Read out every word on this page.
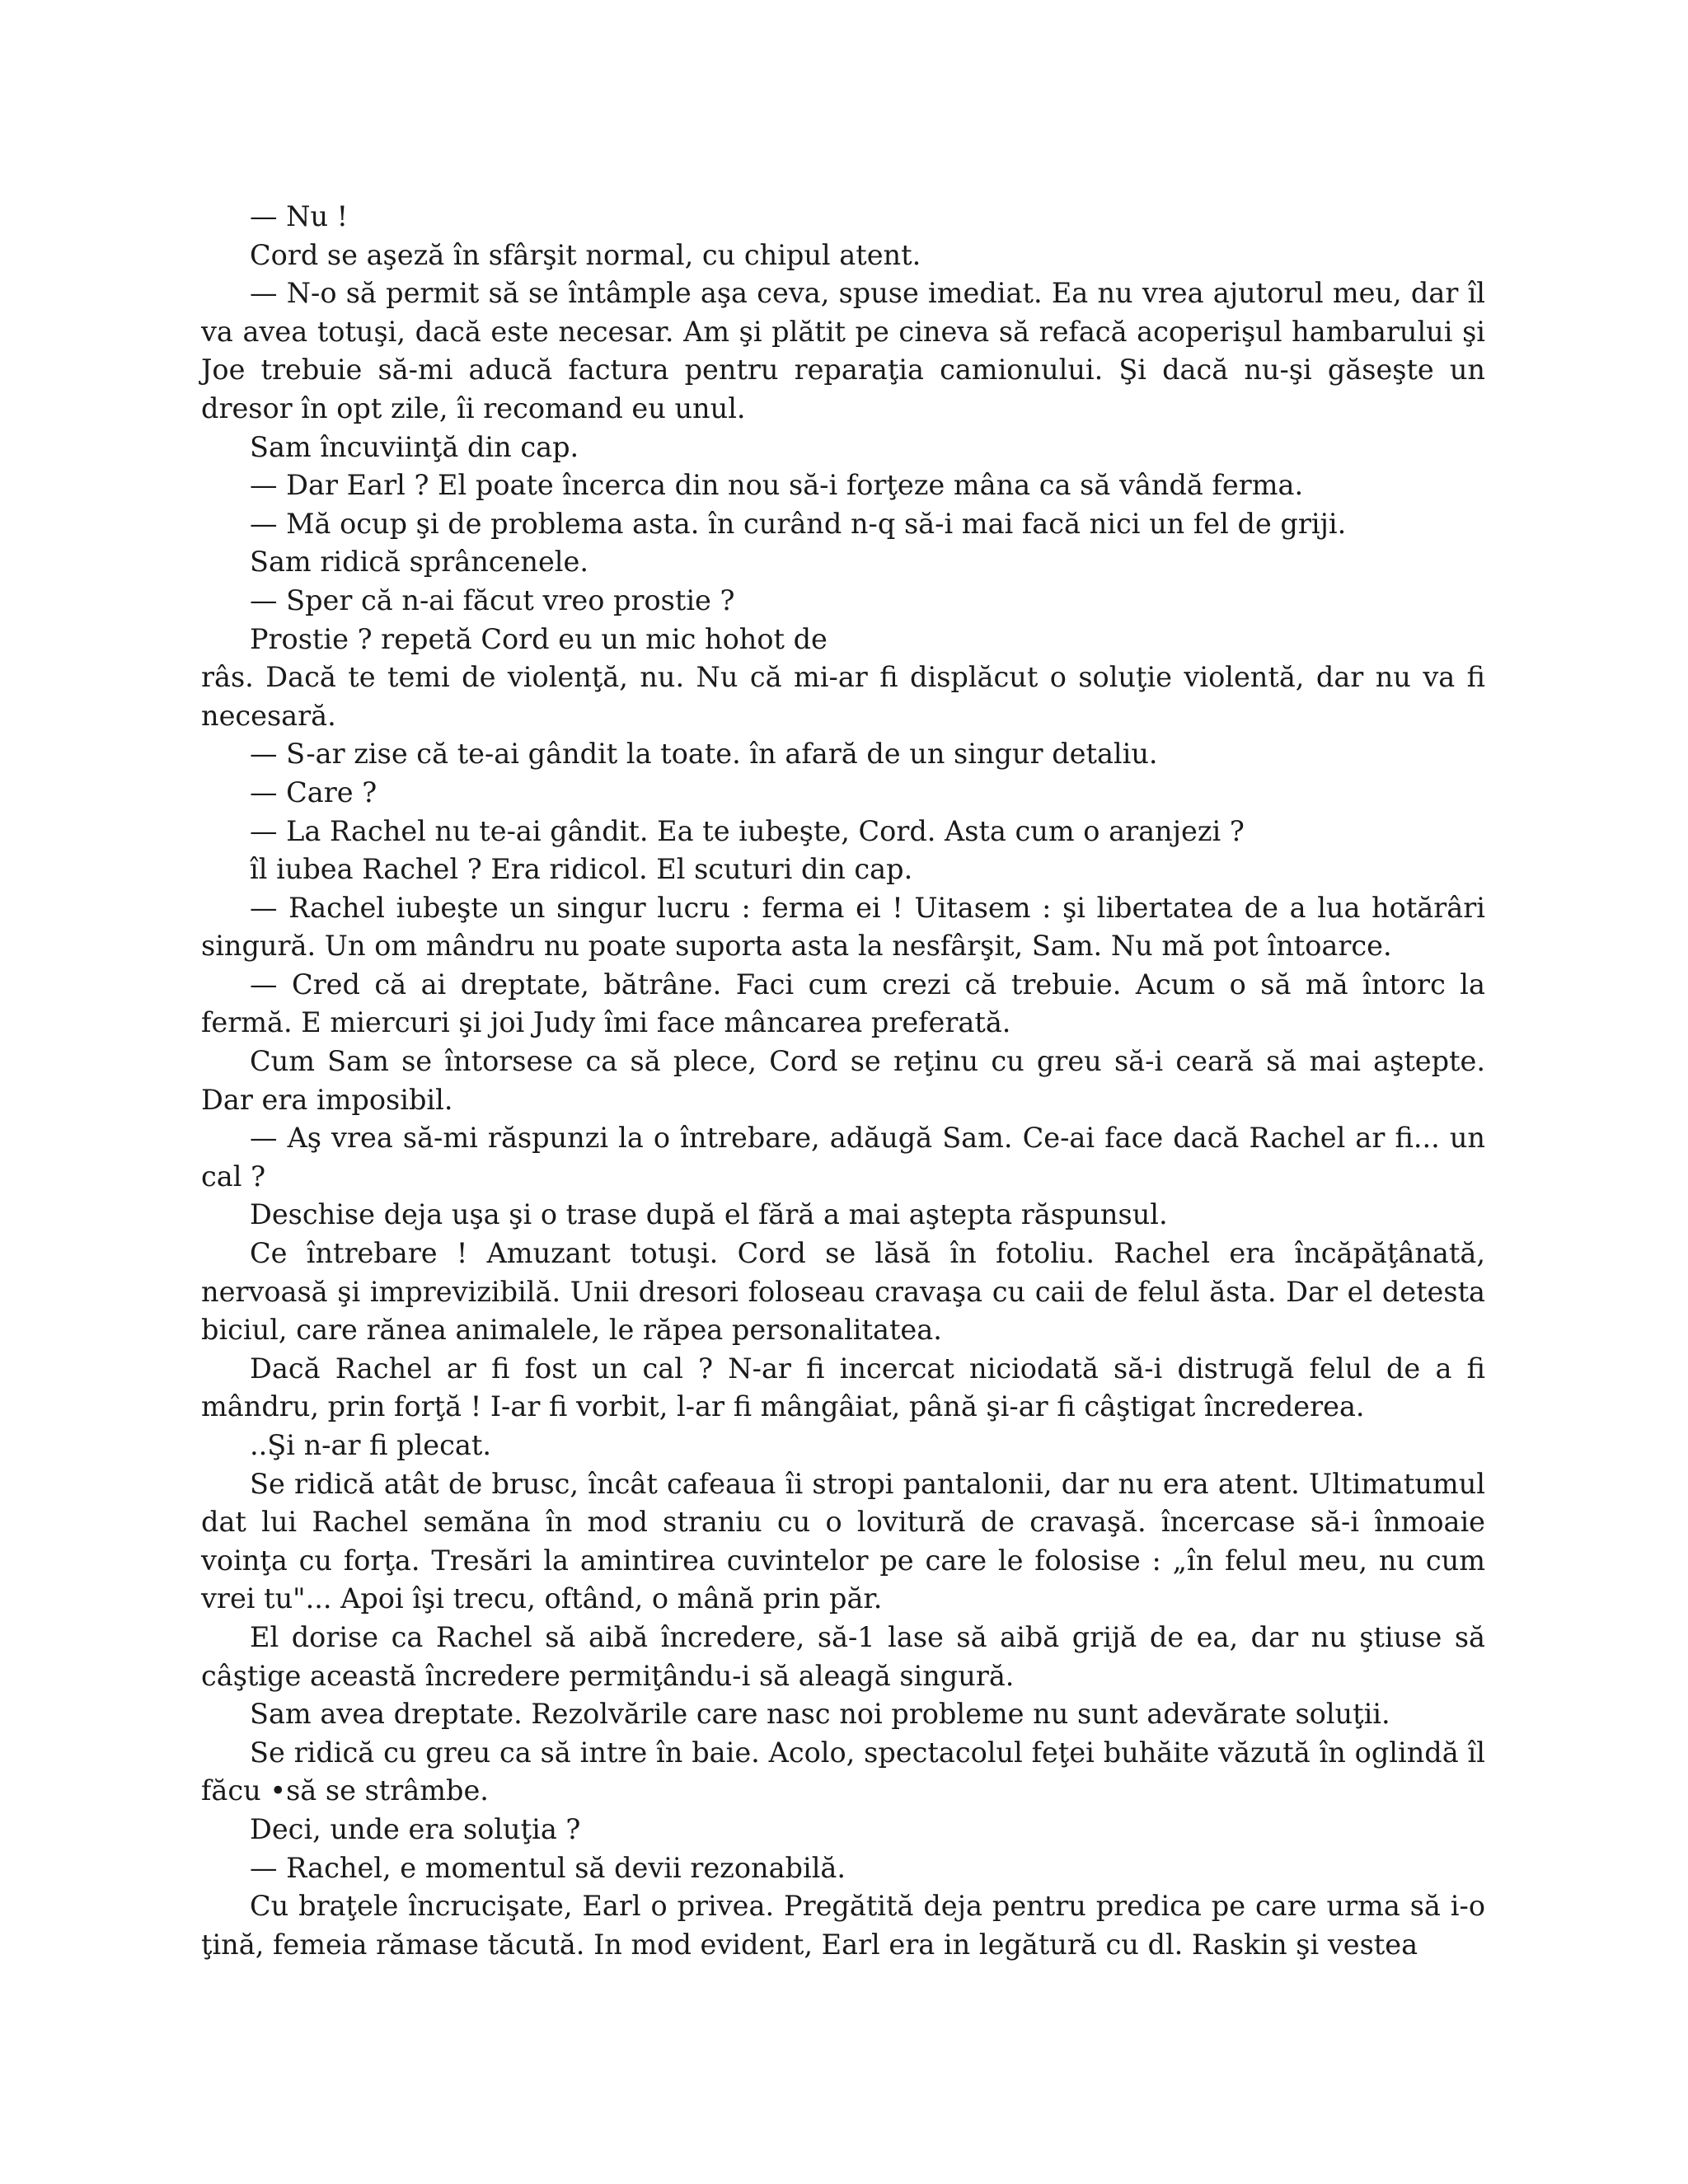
— Nu !

Cord se aşeză în sfârşit normal, cu chipul atent.

— N-o să permit să se întâmple aşa ceva, spuse imediat. Ea nu vrea ajutorul meu, dar îl va avea totuşi, dacă este necesar. Am şi plătit pe cineva să refacă acoperişul hambarului şi Joe trebuie să-mi aducă factura pentru reparaţia camionului. Şi dacă nu-şi găseşte un dresor în opt zile, îi recomand eu unul.

Sam încuviinţă din cap.

— Dar Earl ? El poate încerca din nou să-i forţeze mâna ca să vândă ferma.

— Mă ocup şi de problema asta. în curând n-q să-i mai facă nici un fel de griji.

Sam ridică sprâncenele.

— Sper că n-ai făcut vreo prostie ?

Prostie ? repetă Cord eu un mic hohot de

râs. Dacă te temi de violenţă, nu. Nu că mi-ar fi displăcut o soluţie violentă, dar nu va fi necesară.

— S-ar zise că te-ai gândit la toate. în afară de un singur detaliu.

— Care ?

— La Rachel nu te-ai gândit. Ea te iubeşte, Cord. Asta cum o aranjezi ?

îl iubea Rachel ? Era ridicol. El scuturi din cap.

— Rachel iubeşte un singur lucru : ferma ei ! Uitasem : şi libertatea de a lua hotărâri singură. Un om mândru nu poate suporta asta la nesfârşit, Sam. Nu mă pot întoarce.

— Cred că ai dreptate, bătrâne. Faci cum crezi că trebuie. Acum o să mă întorc la fermă. E miercuri şi joi Judy îmi face mâncarea preferată.

Cum Sam se întorsese ca să plece, Cord se reţinu cu greu să-i ceară să mai aştepte. Dar era imposibil.

— Aş vrea să-mi răspunzi la o întrebare, adăugă Sam. Ce-ai face dacă Rachel ar fi... un cal ?

Deschise deja uşa şi o trase după el fără a mai aştepta răspunsul.

Ce întrebare ! Amuzant totuşi. Cord se lăsă în fotoliu. Rachel era încăpăţânată, nervoasă şi imprevizibilă. Unii dresori foloseau cravaşa cu caii de felul ăsta. Dar el detesta biciul, care rănea animalele, le răpea personalitatea.

Dacă Rachel ar fi fost un cal ? N-ar fi incercat niciodată să-i distrugă felul de a fi mândru, prin forţă ! I-ar fi vorbit, l-ar fi mângâiat, până şi-ar fi câştigat încrederea.

..Şi n-ar fi plecat.

Se ridică atât de brusc, încât cafeaua îi stropi pantalonii, dar nu era atent. Ultimatumul dat lui Rachel semăna în mod straniu cu o lovitură de cravaşă. încercase să-i înmoaie voinţa cu forţa. Tresări la amintirea cuvintelor pe care le folosise : „în felul meu, nu cum vrei tu"... Apoi îşi trecu, oftând, o mână prin păr.

El dorise ca Rachel să aibă încredere, să-1 lase să aibă grijă de ea, dar nu ştiuse să câştige această încredere permiţându-i să aleagă singură.

Sam avea dreptate. Rezolvările care nasc noi probleme nu sunt adevărate soluţii.

Se ridică cu greu ca să intre în baie. Acolo, spectacolul feţei buhăite văzută în oglindă îl făcu •să se strâmbe.

Deci, unde era soluţia ?

— Rachel, e momentul să devii rezonabilă.

Cu braţele încrucişate, Earl o privea. Pregătită deja pentru predica pe care urma să i-o ţină, femeia rămase tăcută. In mod evident, Earl era in legătură cu dl. Raskin şi vestea
